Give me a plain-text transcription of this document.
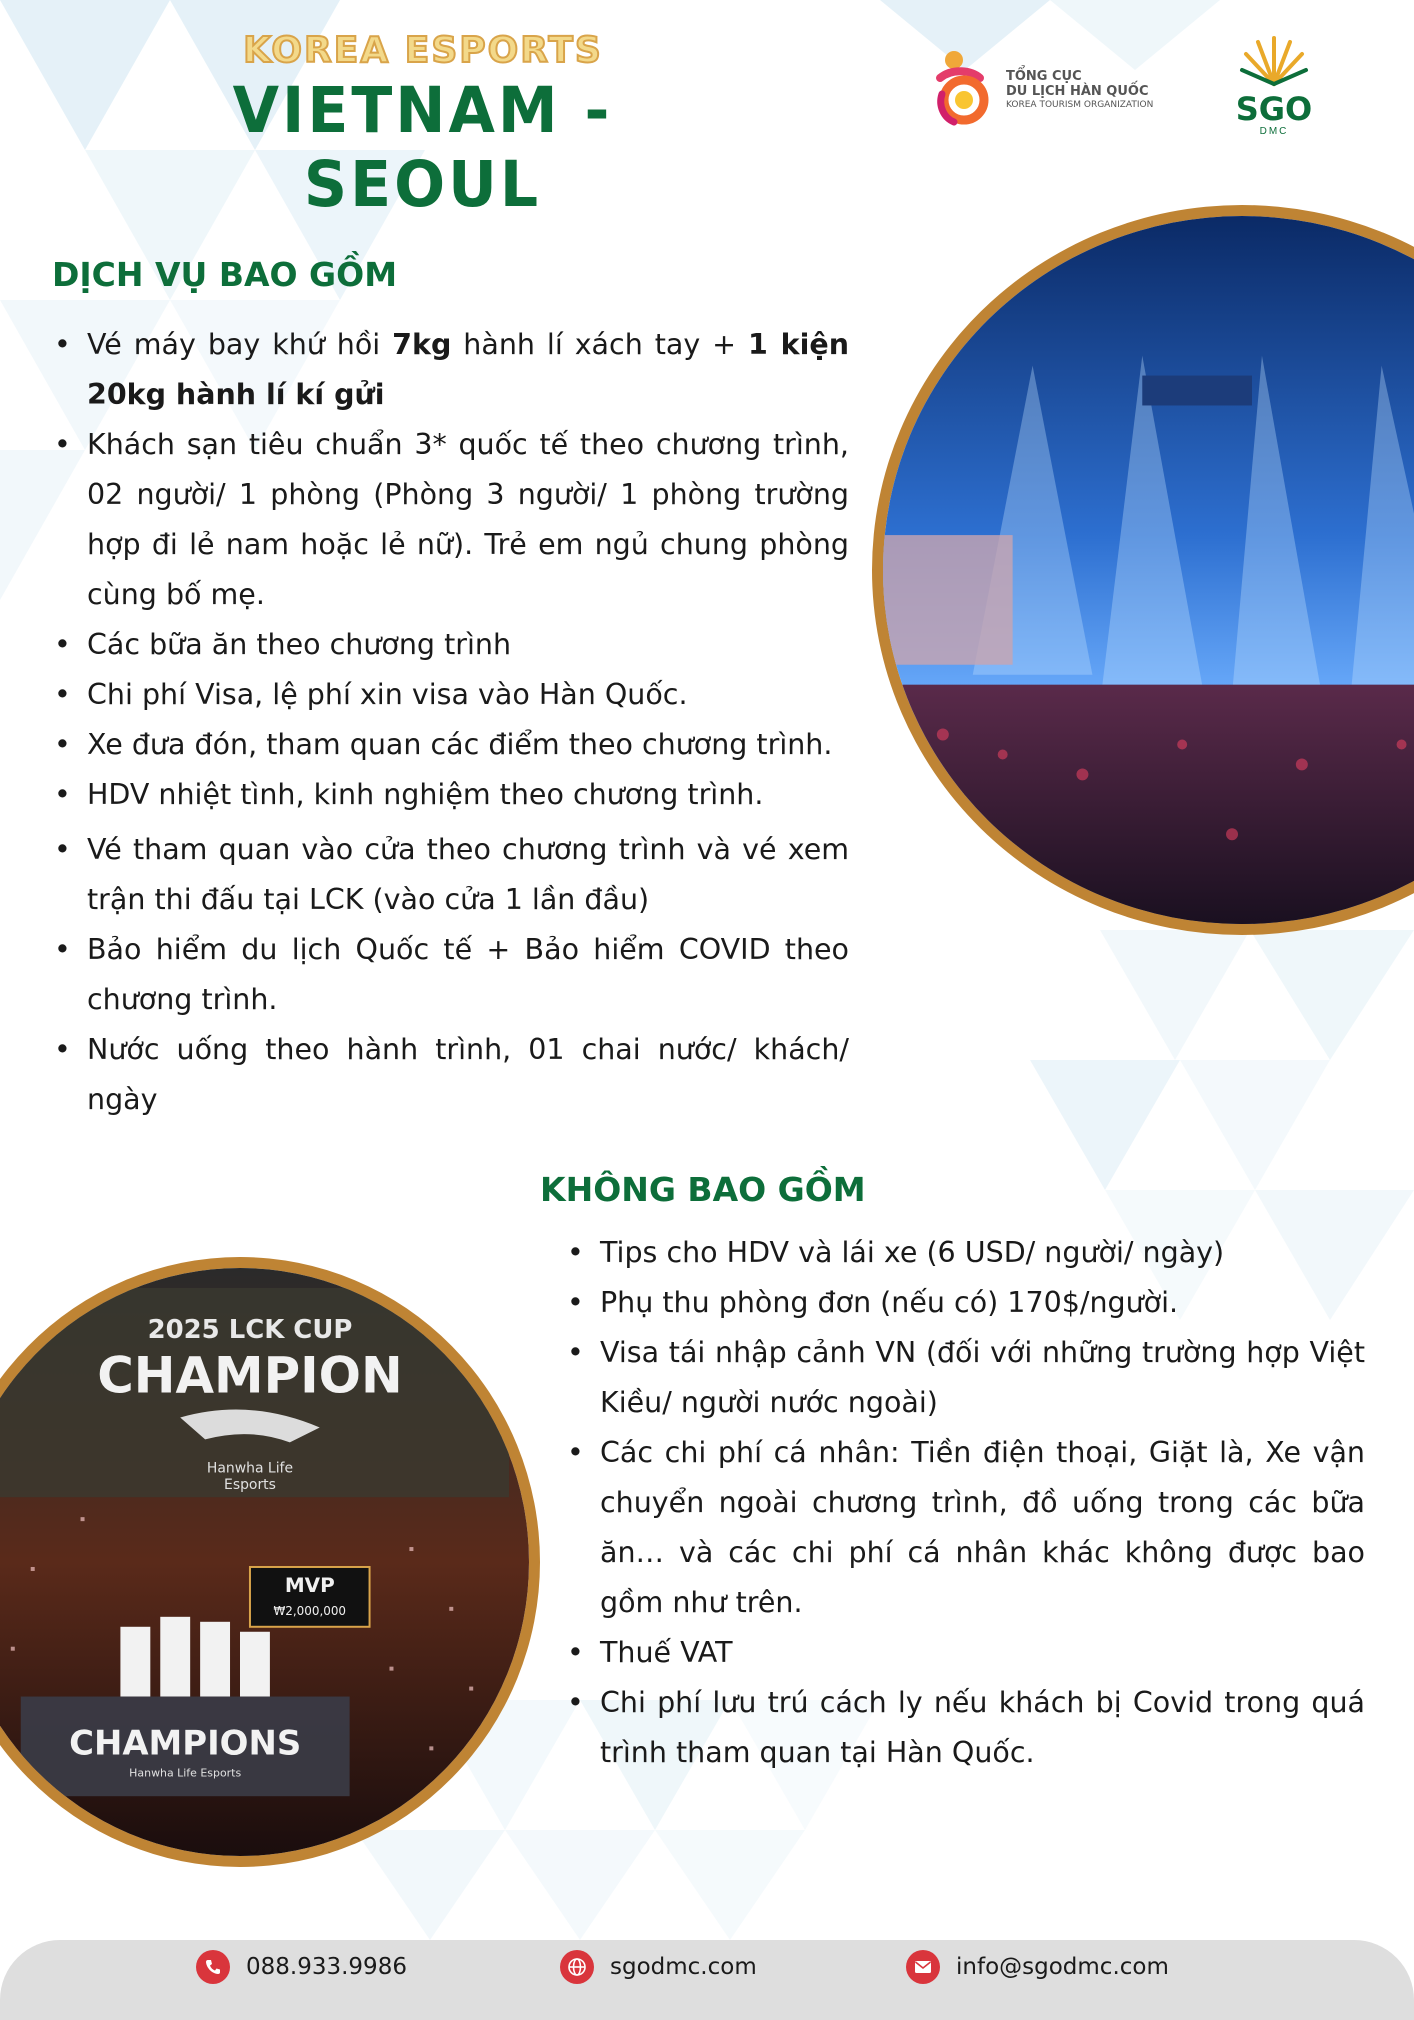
KOREA ESPORTS
VIETNAM - SEOUL
TỔNG CỤC
DU LỊCH HÀN QUỐC
KOREA TOURISM ORGANIZATION	SGO
DMC
DỊCH VỤ BAO GỒM
• Vé máy bay khứ hồi 7kg hành lí xách tay + 1 kiện 20kg hành lí kí gửi
• Khách sạn tiêu chuẩn 3* quốc tế theo chương trình, 02 người/ 1 phòng (Phòng 3 người/ 1 phòng trường hợp đi lẻ nam hoặc lẻ nữ). Trẻ em ngủ chung phòng cùng bố mẹ.
• Các bữa ăn theo chương trình
• Chi phí Visa, lệ phí xin visa vào Hàn Quốc.
• Xe đưa đón, tham quan các điểm theo chương trình.
• HDV nhiệt tình, kinh nghiệm theo chương trình.
• Vé tham quan vào cửa theo chương trình và vé xem trận thi đấu tại LCK (vào cửa 1 lần đầu)
• Bảo hiểm du lịch Quốc tế + Bảo hiểm COVID theo chương trình.
• Nước uống theo hành trình, 01 chai nước/ khách/ ngày
KHÔNG BAO GỒM
• Tips cho HDV và lái xe (6 USD/ người/ ngày)
• Phụ thu phòng đơn (nếu có) 170$/người.
• Visa tái nhập cảnh VN (đối với những trường hợp Việt Kiều/ người nước ngoài)
• Các chi phí cá nhân: Tiền điện thoại, Giặt là, Xe vận chuyển ngoài chương trình, đồ uống trong các bữa ăn… và các chi phí cá nhân khác không được bao gồm như trên.
• Thuế VAT
• Chi phí lưu trú cách ly nếu khách bị Covid trong quá trình tham quan tại Hàn Quốc.
2025 LCK CUP
CHAMPION
Hanwha Life
Esports
MVP
₩2,000,000
CHAMPIONS
Hanwha Life Esports
088.933.9986	sgodmc.com	info@sgodmc.com
